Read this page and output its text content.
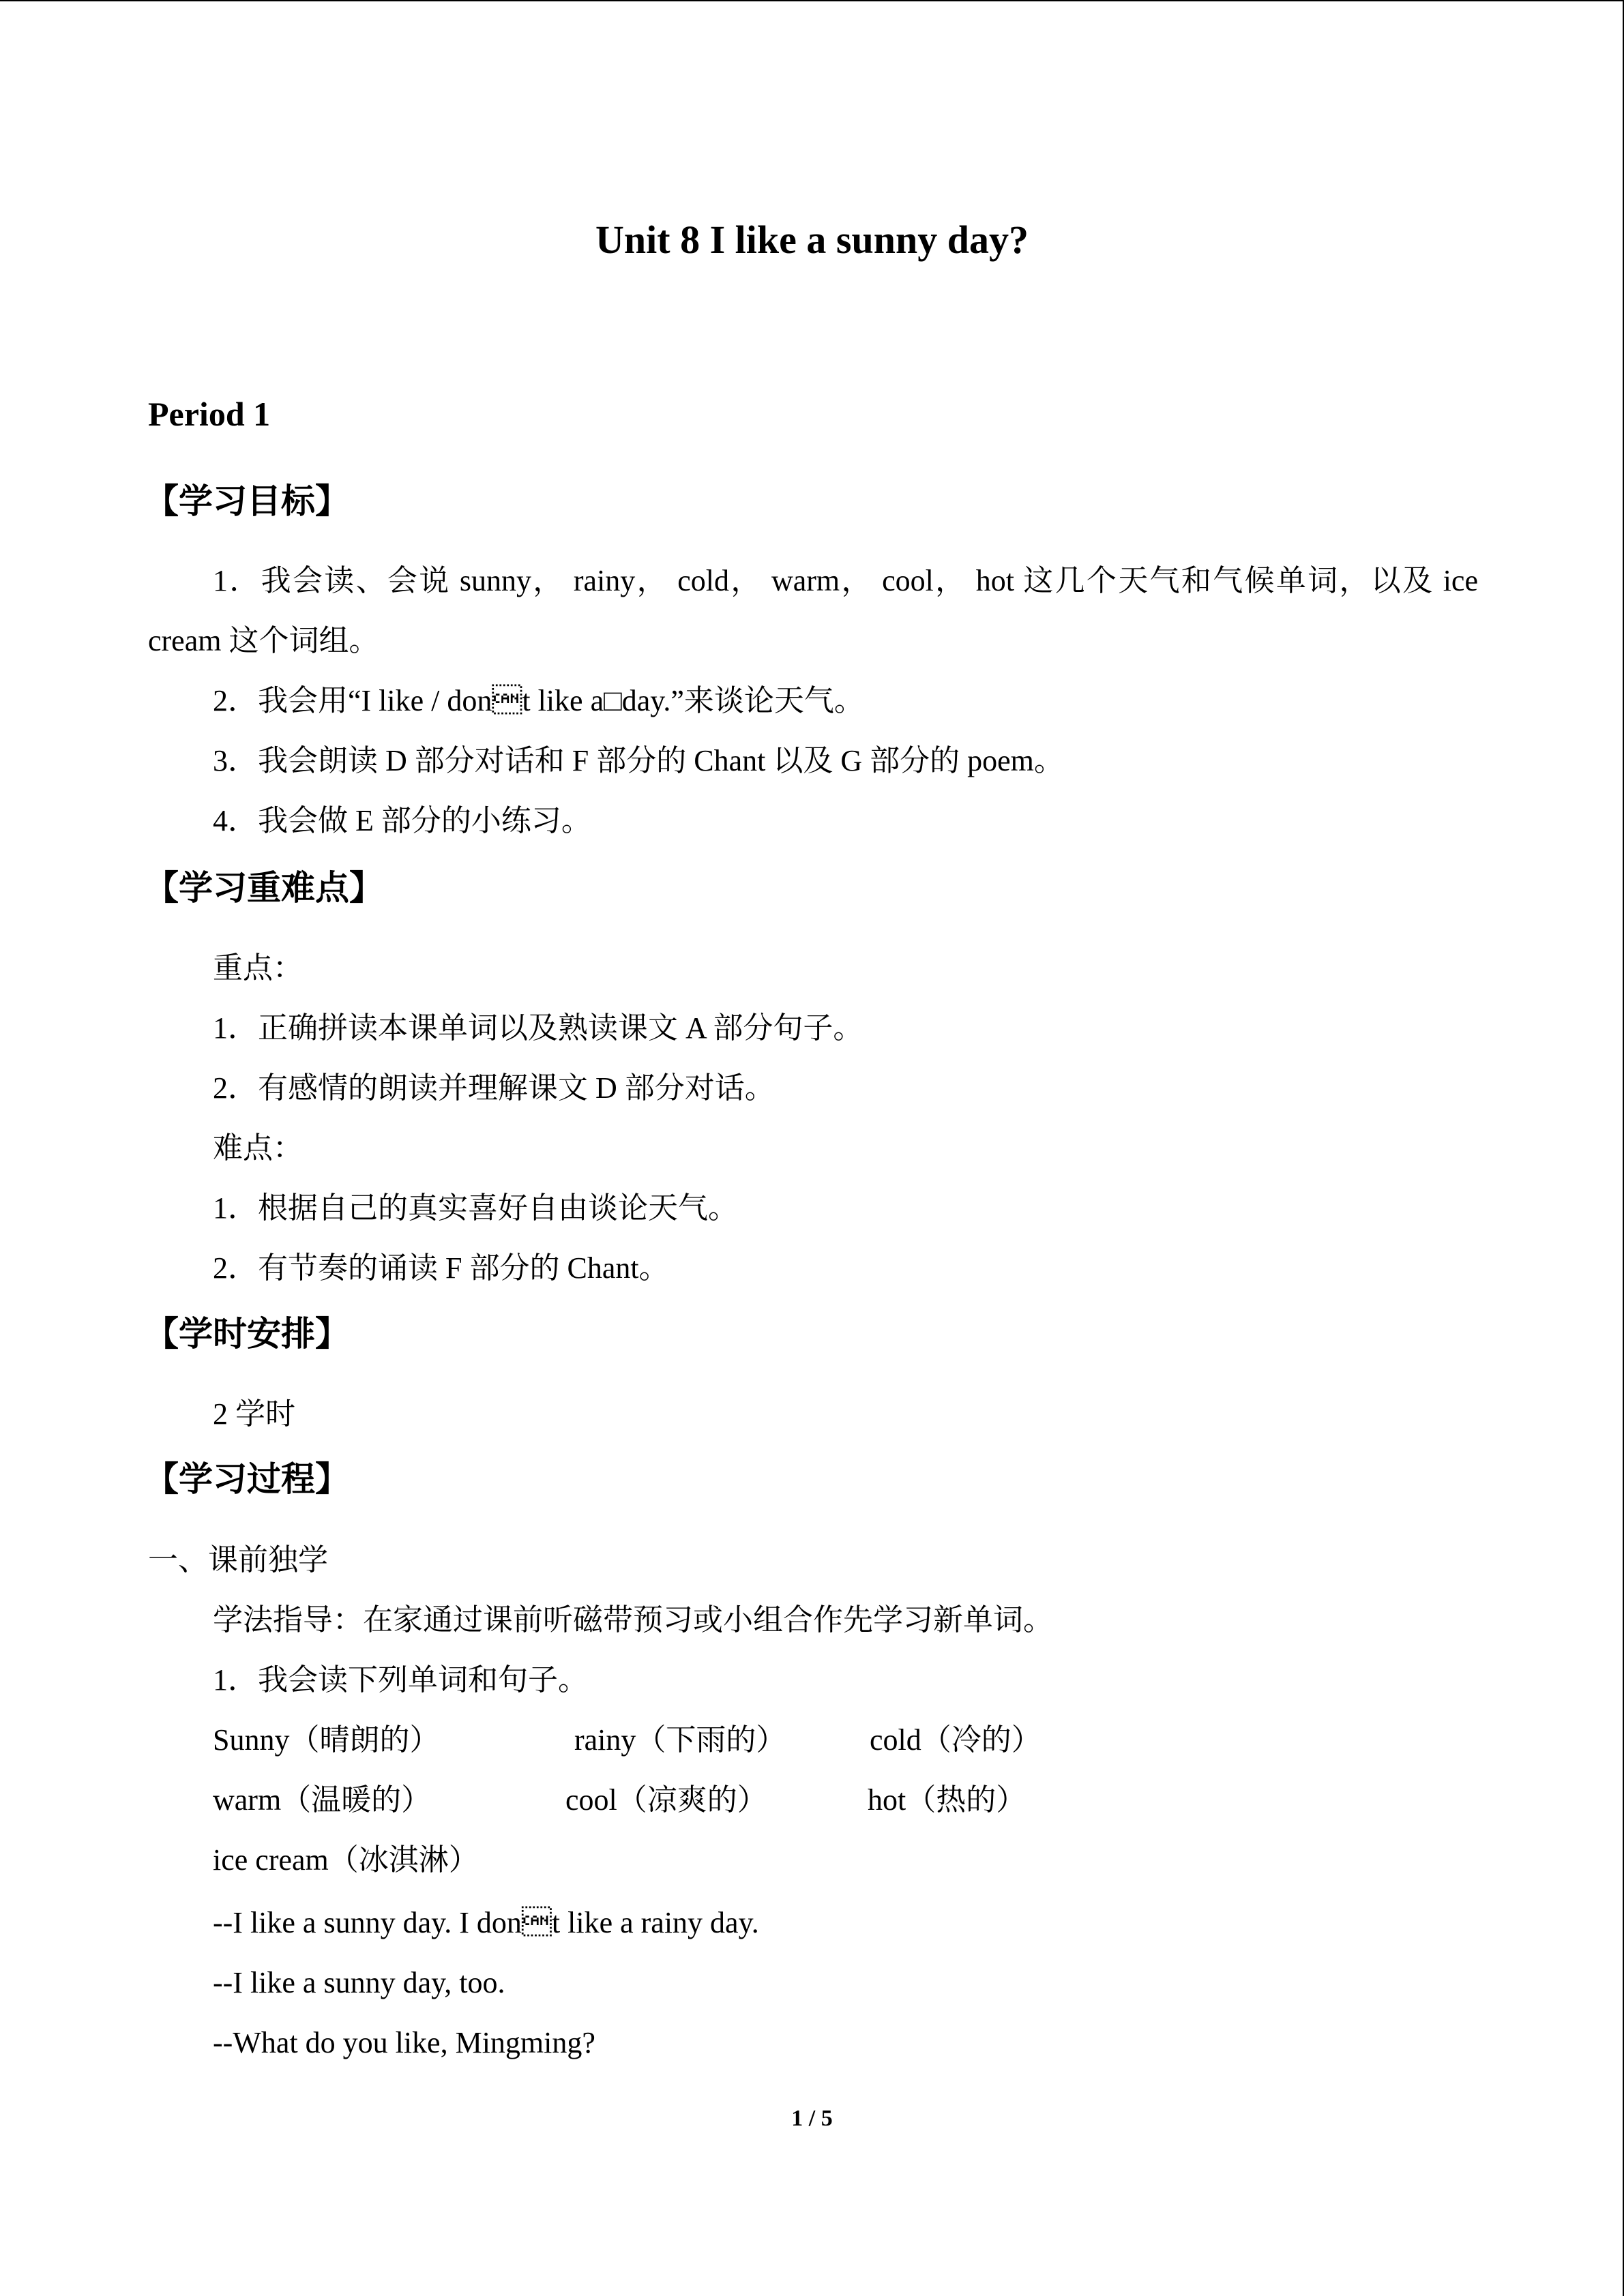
Unit 8 I like a sunny day?
Period 1
【学习目标】
1．我会读、会说 sunny， rainy， cold， warm， cool， hot 这几个天气和气候单词，以及 ice
cream 这个词组。
2．我会用“I like / dont like a□day.”来谈论天气。
3．我会朗读 D 部分对话和 F 部分的 Chant 以及 G 部分的 poem。
4．我会做 E 部分的小练习。
【学习重难点】
重点：
1．正确拼读本课单词以及熟读课文 A 部分句子。
2．有感情的朗读并理解课文 D 部分对话。
难点：
1．根据自己的真实喜好自由谈论天气。
2．有节奏的诵读 F 部分的 Chant。
【学时安排】
2 学时
【学习过程】
一、课前独学
学法指导：在家通过课前听磁带预习或小组合作先学习新单词。
1．我会读下列单词和句子。
Sunny（晴朗的）	rainy（下雨的）	cold（冷的）
warm（温暖的）	cool（凉爽的）	hot（热的）
ice cream（冰淇淋）
--I like a sunny day. I dont like a rainy day.
--I like a sunny day, too.
--What do you like, Mingming?
1 / 5
